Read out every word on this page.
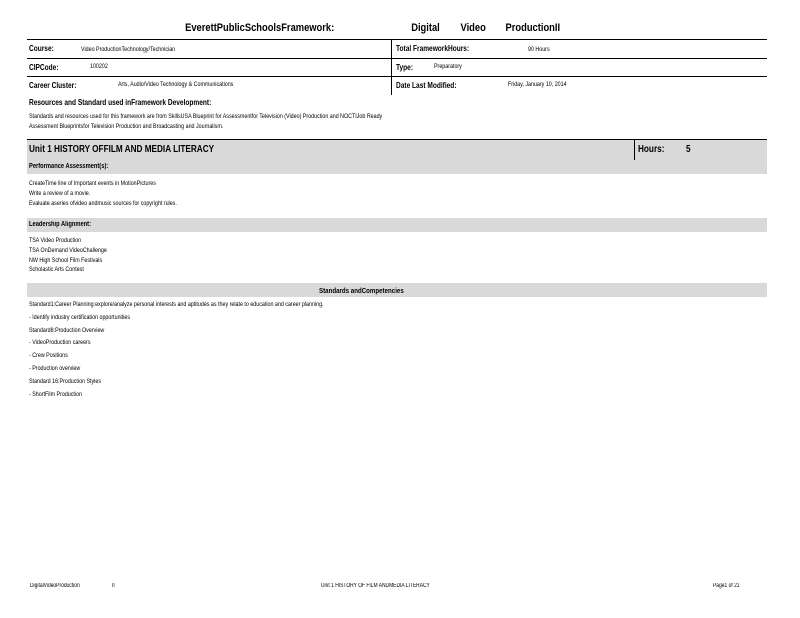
EverettPublicSchoolsFramework:	Digital Video ProductionII
Course:	Video ProductionTechnology/Technician	Total FrameworkHours:	90 Hours
CIPCode:	100202	Type:	Preparatory
Career Cluster:	Arts, Audio/Video Technology & Communications	Date Last Modified:	Friday, January 10, 2014
Resources and Standard used inFramework Development:
Standards and resources used for this framework are from SkillsUSA Blueprint for Assessmentfor Television (Video) Production and NOCTIJob Ready
Assessment Blueprintsfor Television Production and Broadcasting and Journalism.
Unit 1 HISTORY OFFILM AND MEDIA LITERACY	Hours: 5
Performance Assessment(s):
CreateTime line of Important events in MotionPictures
Write a review of a movie.
Evaluate aseries ofvideo andmusic sources for copyright rules.
Leadership Alignment:
TSA Video Production
TSA OnDemand VideoChallenge
NW High School Film Festivals
Scholastic Arts Contest
Standards andCompetencies
Standard1:Career Planning:explore/analyze personal interests and aptitudes as they relate to education and career planning.
- Identify industry certification opportunities
Standard8:Production Overview
- VideoProduction careers
- Crew Positions
- Production overview
Standard 16:Production Styles
- ShortFilm Production
DigitalVideoProduction	II	Unit 1 HISTORY OF FILM ANDMEDIA LITERACY	Page1 of 21
